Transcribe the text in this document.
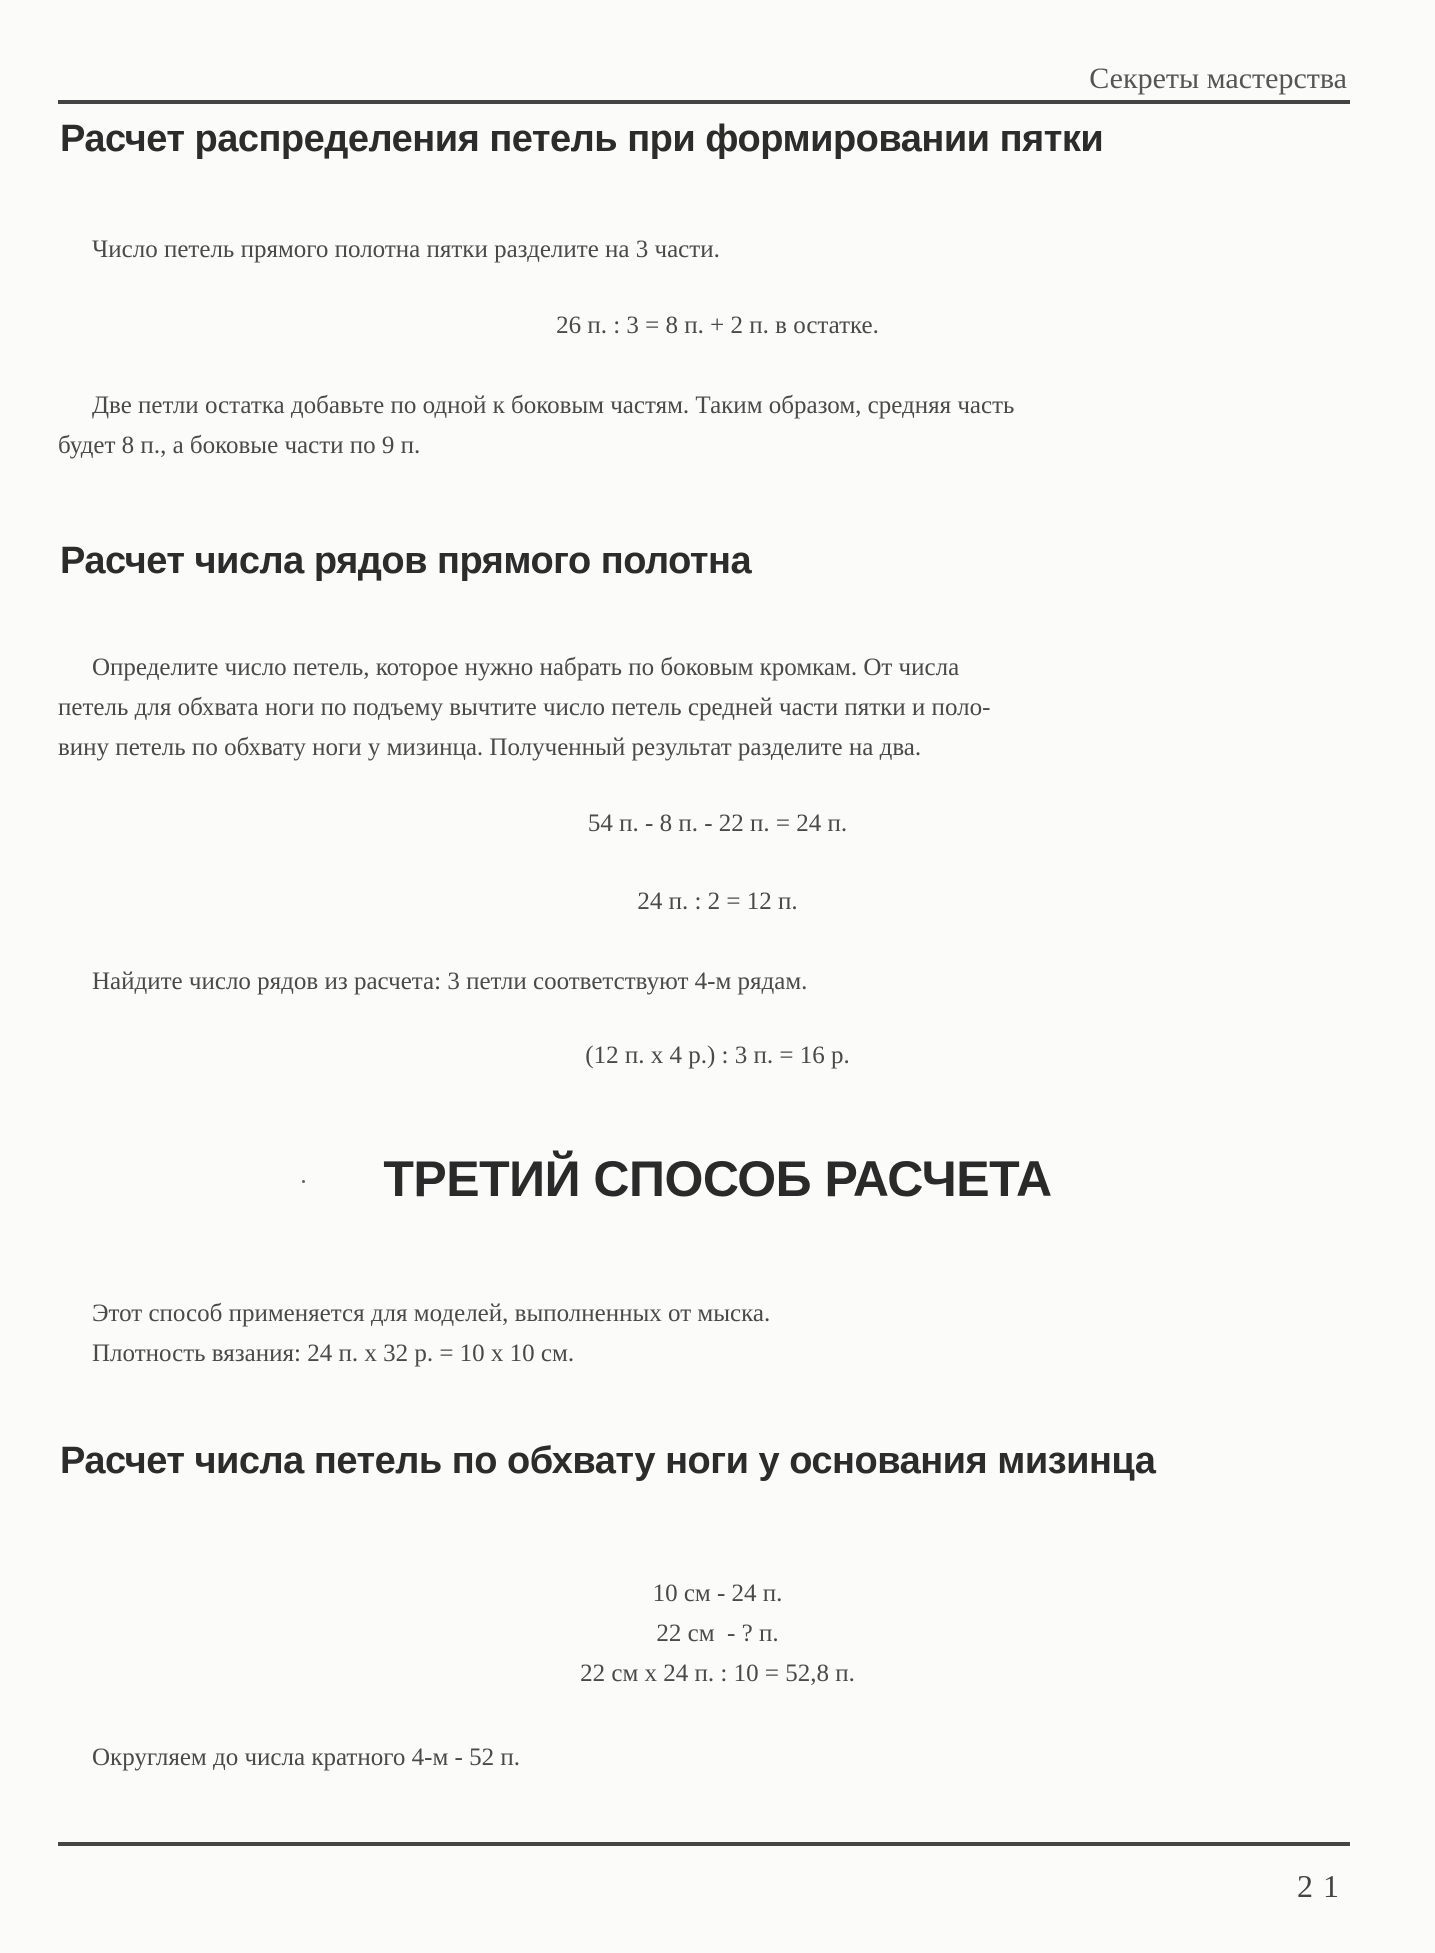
Секреты мастерства
Расчет распределения петель при формировании пятки

Число петель прямого полотна пятки разделите на 3 части.

26 п. : 3 = 8 п. + 2 п. в остатке.

Две петли остатка добавьте по одной к боковым частям. Таким образом, средняя часть

будет 8 п., а боковые части по 9 п.

Расчет числа рядов прямого полотна

Определите число петель, которое нужно набрать по боковым кромкам. От числа

петель для обхвата ноги по подъему вычтите число петель средней части пятки и поло-

вину петель по обхвату ноги у мизинца. Полученный результат разделите на два.

54 п. - 8 п. - 22 п. = 24 п.

24 п. : 2 = 12 п.

Найдите число рядов из расчета: 3 петли соответствуют 4-м рядам.

(12 п. x 4 р.) : 3 п. = 16 р.

ТРЕТИЙ СПОСОБ РАСЧЕТА

Этот способ применяется для моделей, выполненных от мыска.

Плотность вязания: 24 п. x 32 р. = 10 x 10 см.

Расчет числа петель по обхвату ноги у основания мизинца

10 см - 24 п.

22 см  - ? п.

22 см x 24 п. : 10 = 52,8 п.

Округляем до числа кратного 4-м - 52 п.

21
